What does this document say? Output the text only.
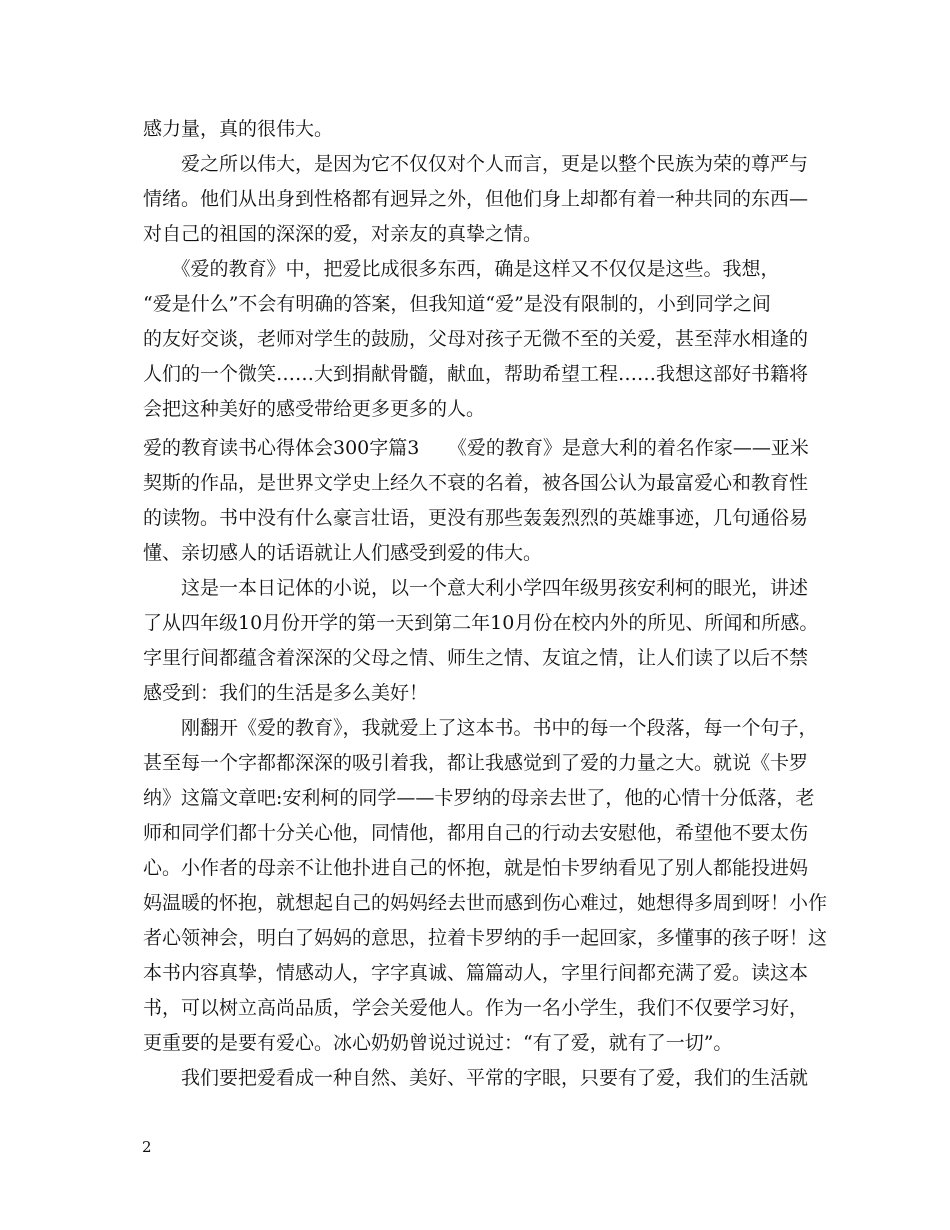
感力量，真的很伟大。
　　爱之所以伟大，是因为它不仅仅对个人而言，更是以整个民族为荣的尊严与
情绪。他们从出身到性格都有迥异之外，但他们身上却都有着一种共同的东西—
对自己的祖国的深深的爱，对亲友的真挚之情。
　　《爱的教育》中，把爱比成很多东西，确是这样又不仅仅是这些。我想，
“爱是什么”不会有明确的答案，但我知道“爱”是没有限制的，小到同学之间
的友好交谈，老师对学生的鼓励，父母对孩子无微不至的关爱，甚至萍水相逢的
人们的一个微笑……大到捐献骨髓，献血，帮助希望工程……我想这部好书籍将
会把这种美好的感受带给更多更多的人。
爱的教育读书心得体会300字篇3　　《爱的教育》是意大利的着名作家——亚米
契斯的作品，是世界文学史上经久不衰的名着，被各国公认为最富爱心和教育性
的读物。书中没有什么豪言壮语，更没有那些轰轰烈烈的英雄事迹，几句通俗易
懂、亲切感人的话语就让人们感受到爱的伟大。
　　这是一本日记体的小说，以一个意大利小学四年级男孩安利柯的眼光，讲述
了从四年级10月份开学的第一天到第二年10月份在校内外的所见、所闻和所感。
字里行间都蕴含着深深的父母之情、师生之情、友谊之情，让人们读了以后不禁
感受到：我们的生活是多么美好！
　　刚翻开《爱的教育》，我就爱上了这本书。书中的每一个段落，每一个句子，
甚至每一个字都都深深的吸引着我，都让我感觉到了爱的力量之大。就说《卡罗
纳》这篇文章吧:安利柯的同学——卡罗纳的母亲去世了，他的心情十分低落，老
师和同学们都十分关心他，同情他，都用自己的行动去安慰他，希望他不要太伤
心。小作者的母亲不让他扑进自己的怀抱，就是怕卡罗纳看见了别人都能投进妈
妈温暖的怀抱，就想起自己的妈妈经去世而感到伤心难过，她想得多周到呀！小作
者心领神会，明白了妈妈的意思，拉着卡罗纳的手一起回家，多懂事的孩子呀！这
本书内容真挚，情感动人，字字真诚、篇篇动人，字里行间都充满了爱。读这本
书，可以树立高尚品质，学会关爱他人。作为一名小学生，我们不仅要学习好，
更重要的是要有爱心。冰心奶奶曾说过说过：“有了爱，就有了一切”。
　　我们要把爱看成一种自然、美好、平常的字眼，只要有了爱，我们的生活就
2
